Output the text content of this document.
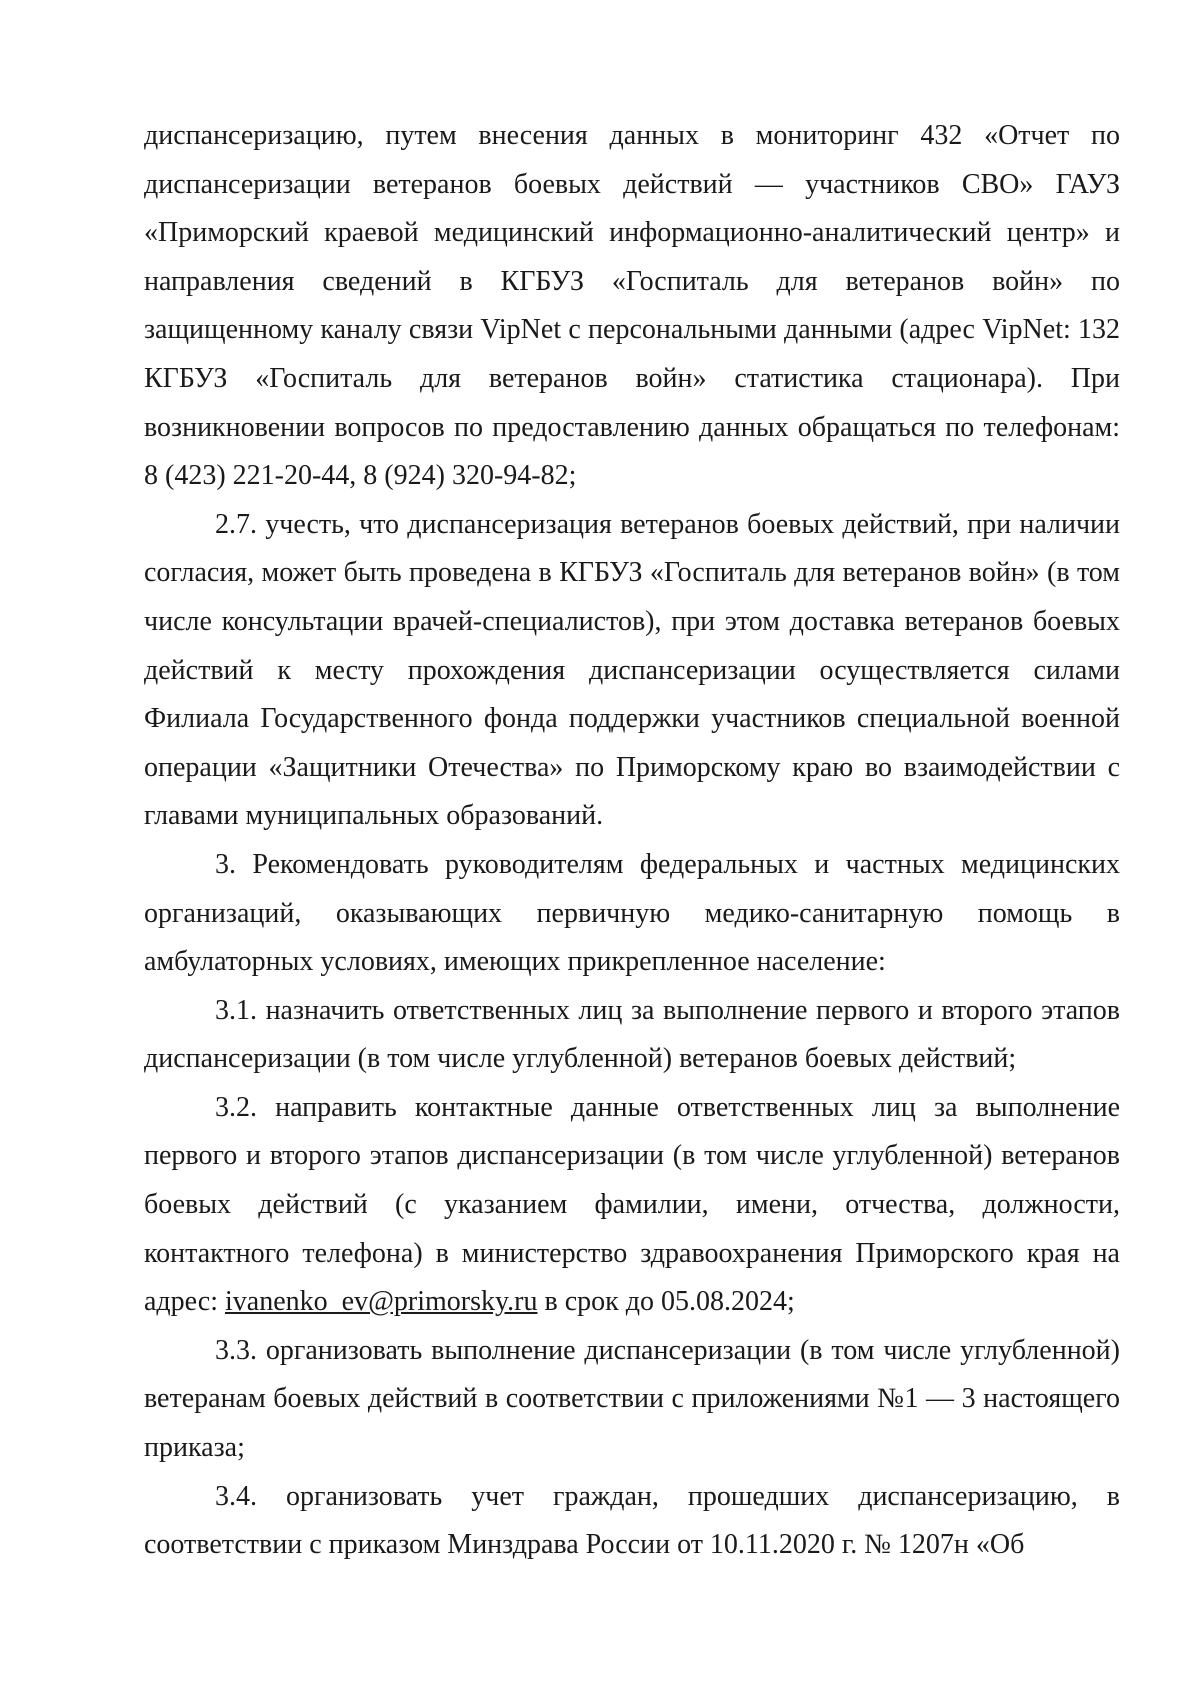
диспансеризацию, путем внесения данных в мониторинг 432 «Отчет по диспансеризации ветеранов боевых действий — участников СВО» ГАУЗ «Приморский краевой медицинский информационно-аналитический центр» и направления сведений в КГБУЗ «Госпиталь для ветеранов войн» по защищенному каналу связи VipNet с персональными данными (адрес VipNet: 132 КГБУЗ «Госпиталь для ветеранов войн» статистика стационара). При возникновении вопросов по предоставлению данных обращаться по телефонам: 8 (423) 221-20-44, 8 (924) 320-94-82;

2.7. учесть, что диспансеризация ветеранов боевых действий, при наличии согласия, может быть проведена в КГБУЗ «Госпиталь для ветеранов войн» (в том числе консультации врачей-специалистов), при этом доставка ветеранов боевых действий к месту прохождения диспансеризации осуществляется силами Филиала Государственного фонда поддержки участников специальной военной операции «Защитники Отечества» по Приморскому краю во взаимодействии с главами муниципальных образований.

3. Рекомендовать руководителям федеральных и частных медицинских организаций, оказывающих первичную медико-санитарную помощь в амбулаторных условиях, имеющих прикрепленное население:

3.1. назначить ответственных лиц за выполнение первого и второго этапов диспансеризации (в том числе углубленной) ветеранов боевых действий;

3.2. направить контактные данные ответственных лиц за выполнение первого и второго этапов диспансеризации (в том числе углубленной) ветеранов боевых действий (с указанием фамилии, имени, отчества, должности, контактного телефона) в министерство здравоохранения Приморского края на адрес: ivanenko_ev@primorsky.ru в срок до 05.08.2024;

3.3. организовать выполнение диспансеризации (в том числе углубленной) ветеранам боевых действий в соответствии с приложениями №1 — 3 настоящего приказа;

3.4. организовать учет граждан, прошедших диспансеризацию, в соответствии с приказом Минздрава России от 10.11.2020 г. № 1207н «Об
